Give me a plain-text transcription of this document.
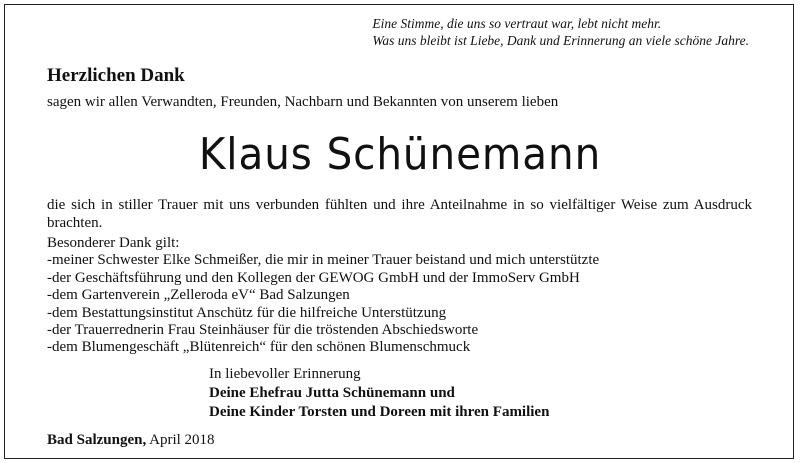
Eine Stimme, die uns so vertraut war, lebt nicht mehr.
Was uns bleibt ist Liebe, Dank und Erinnerung an viele schöne Jahre.
Herzlichen Dank
sagen wir allen Verwandten, Freunden, Nachbarn und Bekannten von unserem lieben
Klaus Schünemann
die sich in stiller Trauer mit uns verbunden fühlten und ihre Anteilnahme in so vielfältiger Weise zum Ausdruck brachten.
Besonderer Dank gilt:
-meiner Schwester Elke Schmeißer, die mir in meiner Trauer beistand und mich unterstützte
-der Geschäftsführung und den Kollegen der GEWOG GmbH und der ImmoServ GmbH
-dem Gartenverein „Zelleroda eV“ Bad Salzungen
-dem Bestattungsinstitut Anschütz für die hilfreiche Unterstützung
-der Trauerrednerin Frau Steinhäuser für die tröstenden Abschiedsworte
-dem Blumengeschäft „Blütenreich“ für den schönen Blumenschmuck
In liebevoller Erinnerung
Deine Ehefrau Jutta Schünemann und
Deine Kinder Torsten und Doreen mit ihren Familien
Bad Salzungen, April 2018
